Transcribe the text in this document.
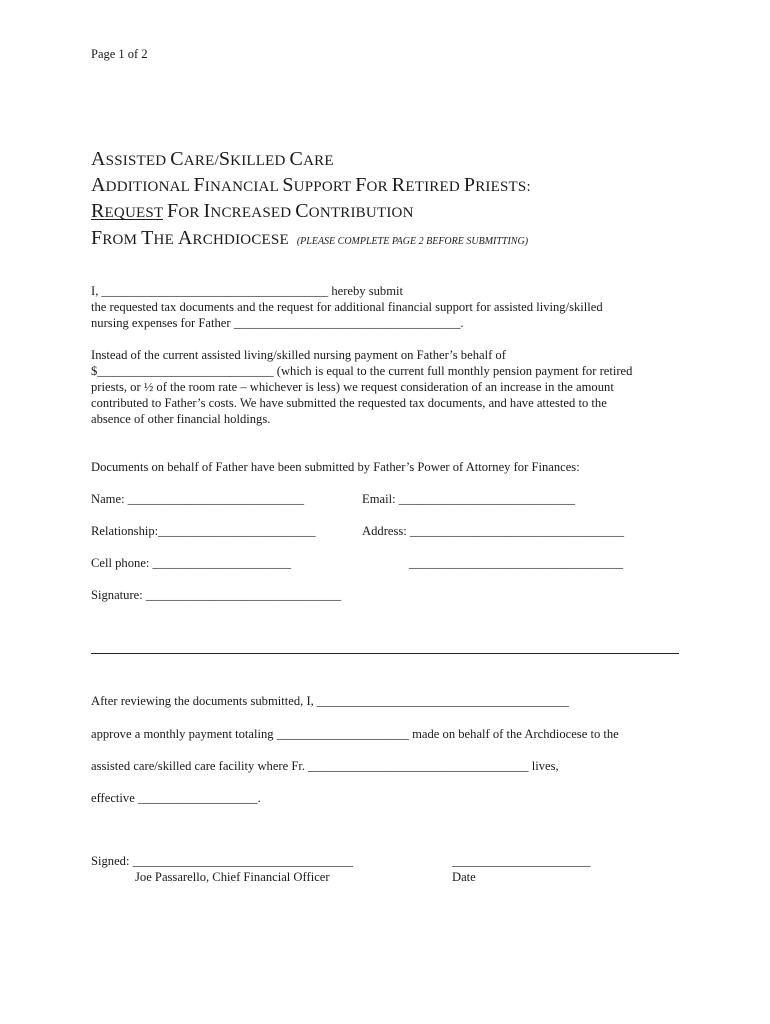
Page 1 of 2
ASSISTED CARE/SKILLED CARE
ADDITIONAL FINANCIAL SUPPORT FOR RETIRED PRIESTS:
REQUEST FOR INCREASED CONTRIBUTION
FROM THE ARCHDIOCESE (PLEASE COMPLETE PAGE 2 BEFORE SUBMITTING)
I, ____________________________________ hereby submit
the requested tax documents and the request for additional financial support for assisted living/skilled
nursing expenses for Father ____________________________________.
Instead of the current assisted living/skilled nursing payment on Father’s behalf of
$____________________________ (which is equal to the current full monthly pension payment for retired
priests, or ½ of the room rate – whichever is less) we request consideration of an increase in the amount
contributed to Father’s costs. We have submitted the requested tax documents, and have attested to the
absence of other financial holdings.
Documents on behalf of Father have been submitted by Father’s Power of Attorney for Finances:
Name: ____________________________	Email: ____________________________
Relationship:_________________________	Address: __________________________________
Cell phone: ______________________	__________________________________
Signature: _______________________________
After reviewing the documents submitted, I, ________________________________________
approve a monthly payment totaling _____________________ made on behalf of the Archdiocese to the
assisted care/skilled care facility where Fr. ___________________________________ lives,
effective ___________________.
Signed: ___________________________________	______________________
Joe Passarello, Chief Financial Officer	Date
